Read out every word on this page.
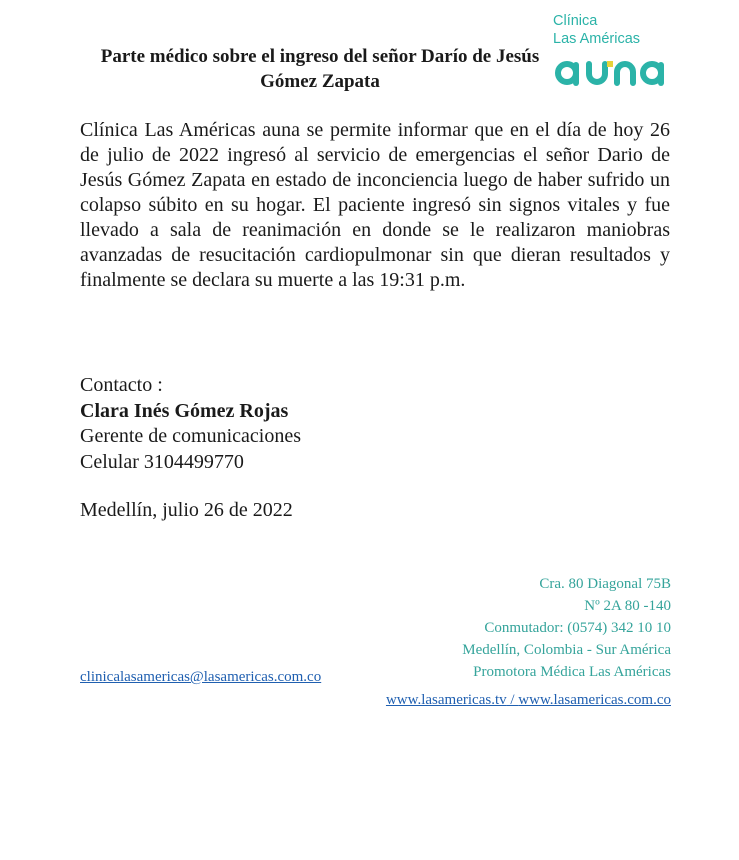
Clínica
Las Américas
Parte médico sobre el ingreso del señor Darío de Jesús Gómez Zapata
Clínica Las Américas auna se permite informar que en el día de hoy 26 de julio de 2022 ingresó al servicio de emergencias el señor Dario de Jesús Gómez Zapata en estado de inconciencia luego de haber sufrido un colapso súbito en su hogar. El paciente ingresó sin signos vitales y fue llevado a sala de reanimación en donde se le realizaron maniobras avanzadas de resucitación cardiopulmonar sin que dieran resultados y finalmente se declara su muerte a las 19:31 p.m.
Contacto :
Clara Inés Gómez Rojas
Gerente de comunicaciones
Celular 3104499770
Medellín, julio 26 de 2022
Cra. 80 Diagonal 75B
Nº 2A 80 -140
Conmutador: (0574) 342 10 10
Medellín, Colombia - Sur América
Promotora Médica Las Américas
clinicalasamericas@lasamericas.com.co
www.lasamericas.tv / www.lasamericas.com.co
